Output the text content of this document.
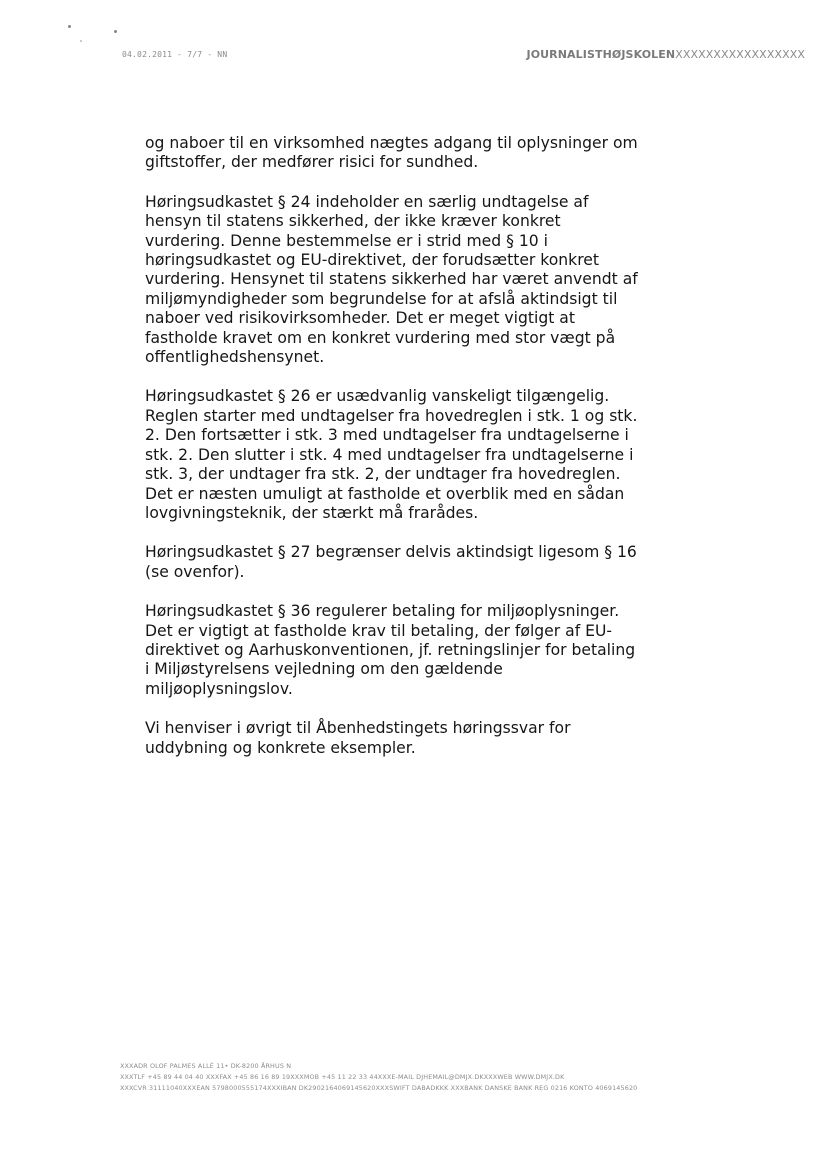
04.02.2011 - 7/7 - NN	JOURNALISTHØJSKOLENXXXXXXXXXXXXXXXXX

og naboer til en virksomhed nægtes adgang til oplysninger om
giftstoffer, der medfører risici for sundhed.

Høringsudkastet § 24 indeholder en særlig undtagelse af
hensyn til statens sikkerhed, der ikke kræver konkret
vurdering. Denne bestemmelse er i strid med § 10 i
høringsudkastet og EU-direktivet, der forudsætter konkret
vurdering. Hensynet til statens sikkerhed har været anvendt af
miljømyndigheder som begrundelse for at afslå aktindsigt til
naboer ved risikovirksomheder. Det er meget vigtigt at
fastholde kravet om en konkret vurdering med stor vægt på
offentlighedshensynet.

Høringsudkastet § 26 er usædvanlig vanskeligt tilgængelig.
Reglen starter med undtagelser fra hovedreglen i stk. 1 og stk.
2. Den fortsætter i stk. 3 med undtagelser fra undtagelserne i
stk. 2. Den slutter i stk. 4 med undtagelser fra undtagelserne i
stk. 3, der undtager fra stk. 2, der undtager fra hovedreglen.
Det er næsten umuligt at fastholde et overblik med en sådan
lovgivningsteknik, der stærkt må frarådes.

Høringsudkastet § 27 begrænser delvis aktindsigt ligesom § 16
(se ovenfor).

Høringsudkastet § 36 regulerer betaling for miljøoplysninger.
Det er vigtigt at fastholde krav til betaling, der følger af EU-
direktivet og Aarhuskonventionen, jf. retningslinjer for betaling
i Miljøstyrelsens vejledning om den gældende
miljøoplysningslov.

Vi henviser i øvrigt til Åbenhedstingets høringssvar for
uddybning og konkrete eksempler.

XXXADR OLOF PALMES ALLÉ 11• DK-8200 ÅRHUS N
XXXTLF +45 89 44 04 40 XXXFAX +45 86 16 89 19XXXMOB +45 11 22 33 44XXXE-MAIL DJHEMAIL@DMJX.DKXXXWEB WWW.DMJX.DK
XXXCVR 31111040XXXEAN 5798000555174XXXIBAN DK2902164069145620XXXSWIFT DABADKKK XXXBANK DANSKE BANK REG 0216 KONTO 4069145620
